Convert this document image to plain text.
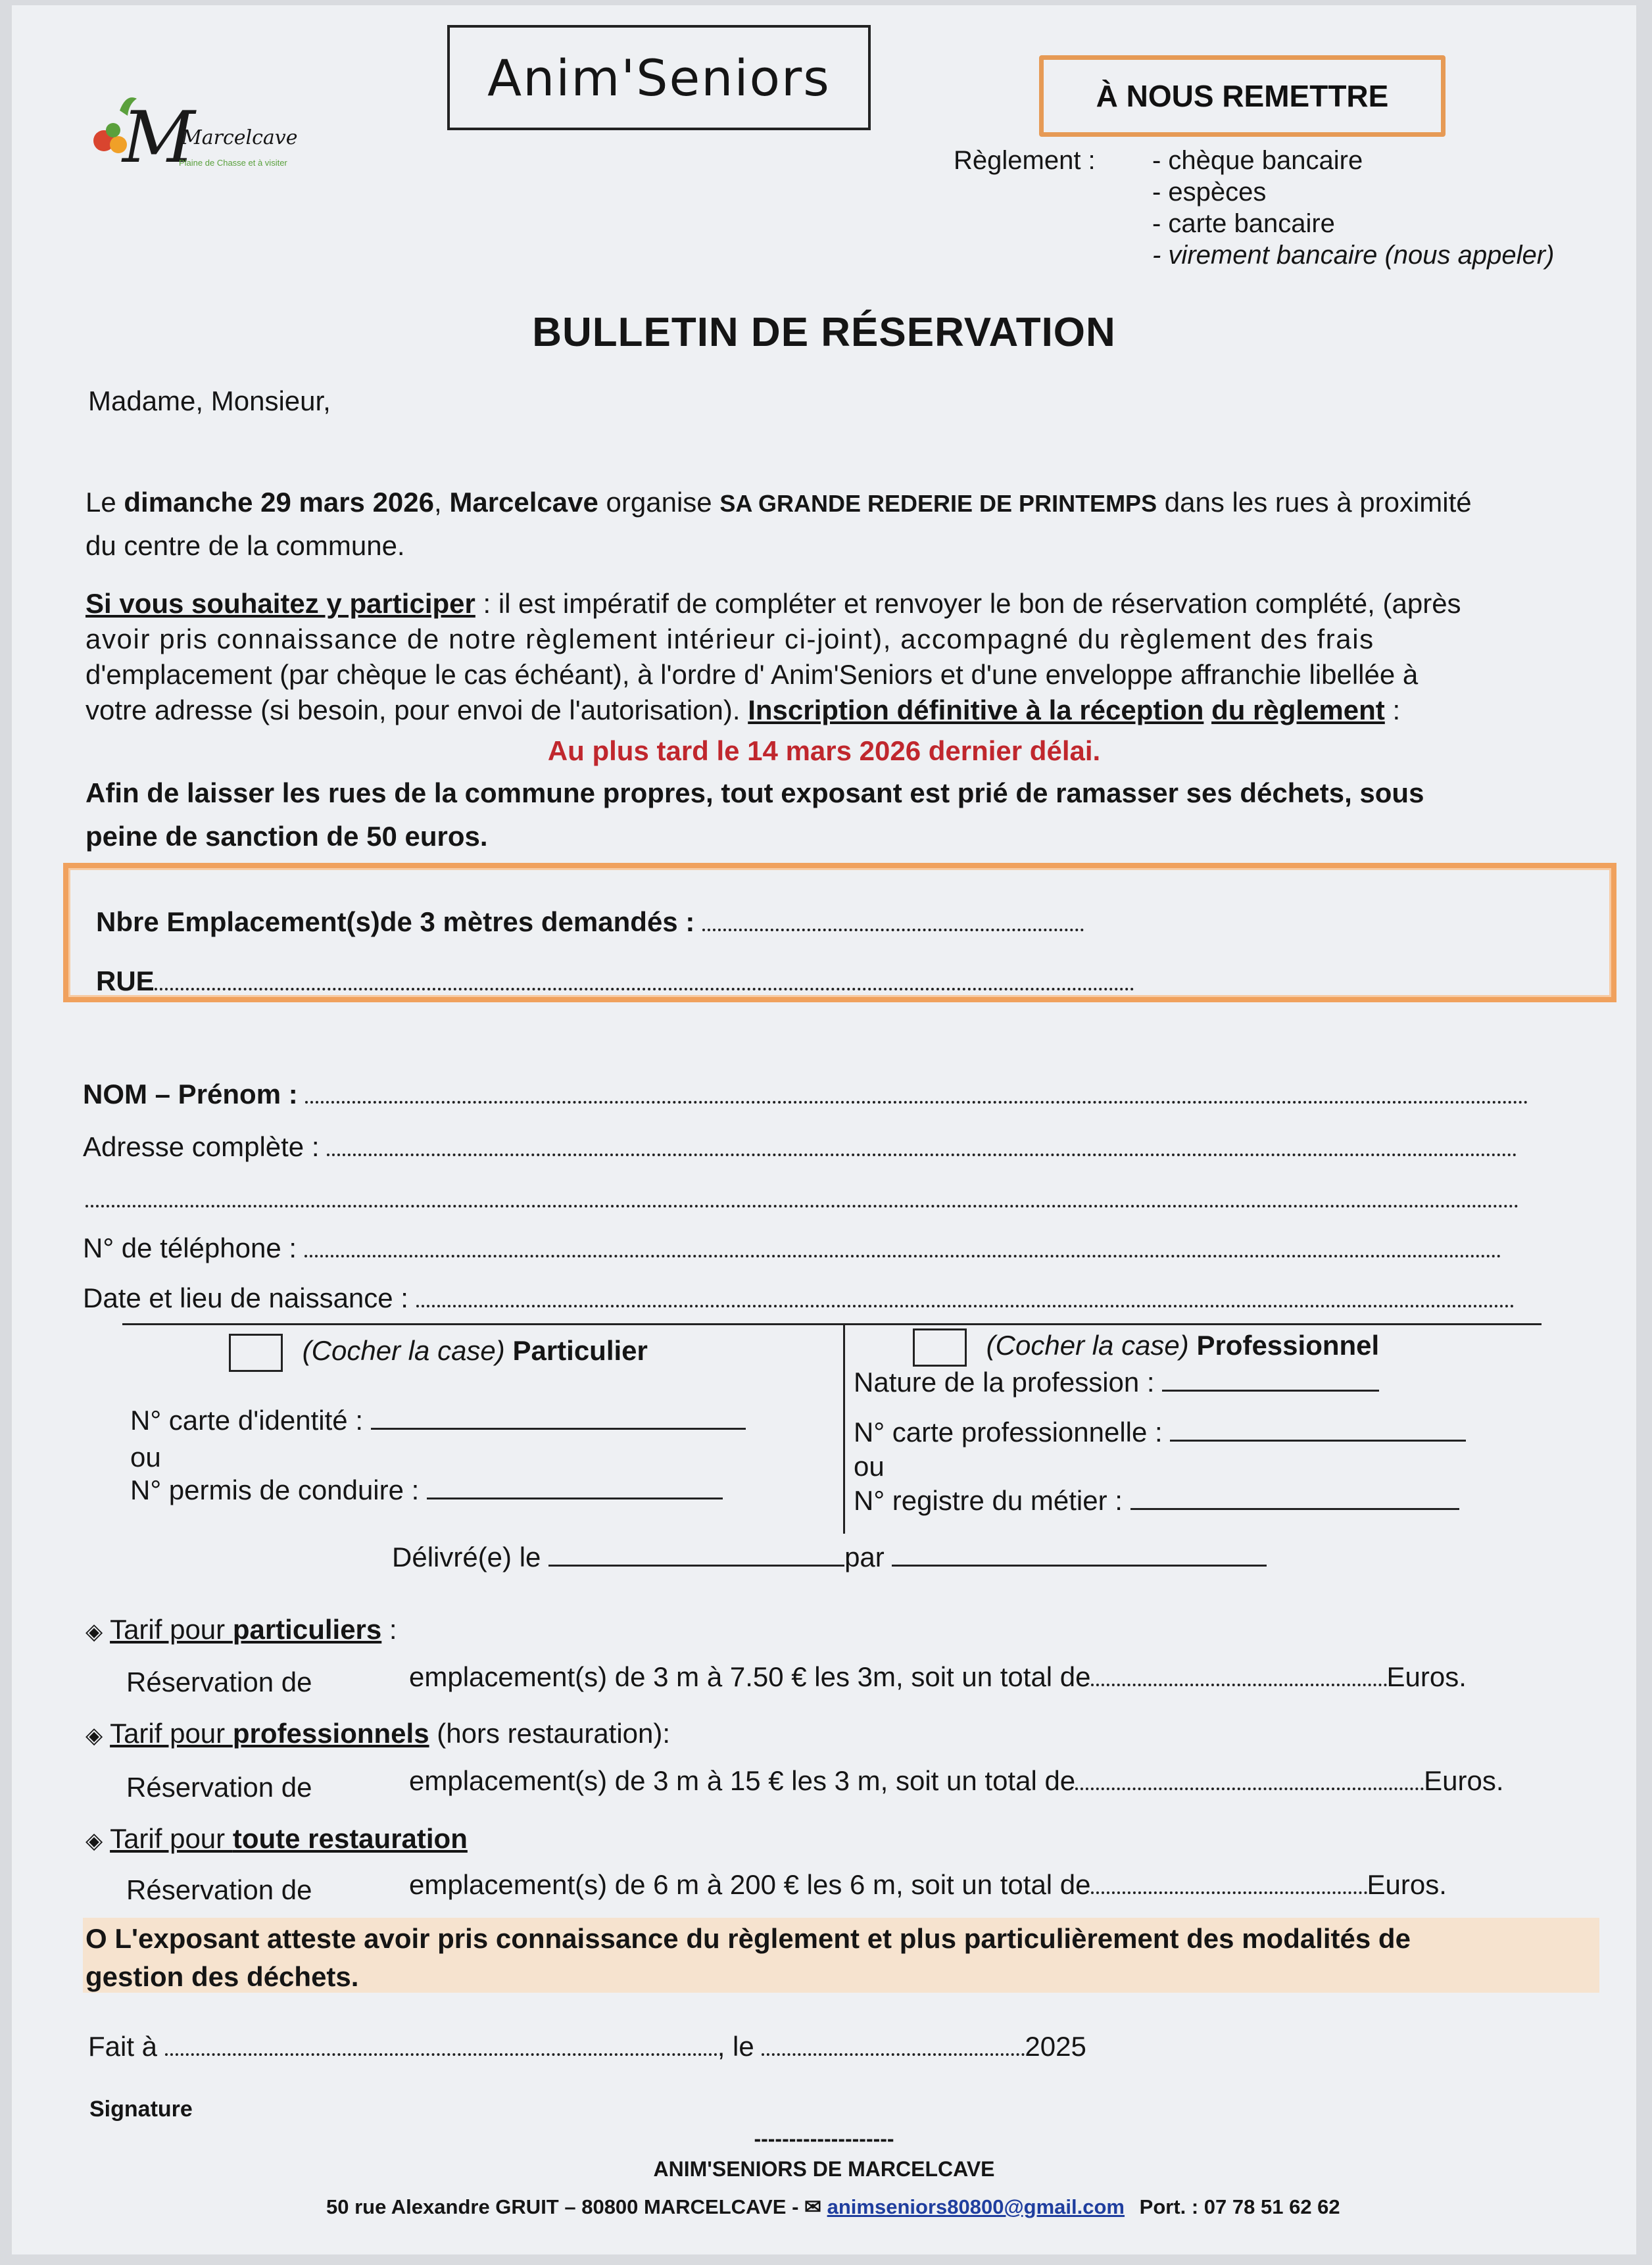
M
Marcelcave
Plaine de Chasse et à visiter
Anim'Seniors	À NOUS REMETTRE
Règlement : - chèque bancaire
- espèces
- carte bancaire
- virement bancaire (nous appeler)
BULLETIN DE RÉSERVATION
Madame, Monsieur,
Le dimanche 29 mars 2026, Marcelcave organise SA GRANDE REDERIE DE PRINTEMPS dans les rues à proximité
du centre de la commune.
Si vous souhaitez y participer : il est impératif de compléter et renvoyer le bon de réservation complété, (après
avoir pris connaissance de notre règlement intérieur ci-joint), accompagné du règlement des frais
d'emplacement (par chèque le cas échéant), à l'ordre d' Anim'Seniors et d'une enveloppe affranchie libellée à
votre adresse (si besoin, pour envoi de l'autorisation). Inscription définitive à la réception du règlement :
Au plus tard le 14 mars 2026 dernier délai.
Afin de laisser les rues de la commune propres, tout exposant est prié de ramasser ses déchets, sous
peine de sanction de 50 euros.
Nbre Emplacement(s)de 3 mètres demandés :
RUE
NOM – Prénom :
Adresse complète :
N° de téléphone :
Date et lieu de naissance :
(Cocher la case) Particulier
N° carte d'identité :
ou
N° permis de conduire :
(Cocher la case) Professionnel
Nature de la profession :
N° carte professionnelle :
ou
N° registre du métier :
Délivré(e) le	par
◈ Tarif pour particuliers :
Réservation de	emplacement(s) de 3 m à 7.50 € les 3m, soit un total de	Euros.
◈ Tarif pour professionnels (hors restauration):
Réservation de	emplacement(s) de 3 m à 15 € les 3 m, soit un total de	Euros.
◈ Tarif pour toute restauration
Réservation de	emplacement(s) de 6 m à 200 € les 6 m, soit un total de	Euros.
O L'exposant atteste avoir pris connaissance du règlement et plus particulièrement des modalités de
gestion des déchets.
Fait à	, le	2025
Signature
--------------------
ANIM'SENIORS DE MARCELCAVE
50 rue Alexandre GRUIT – 80800 MARCELCAVE - ✉ animseniors80800@gmail.com Port. : 07 78 51 62 62
